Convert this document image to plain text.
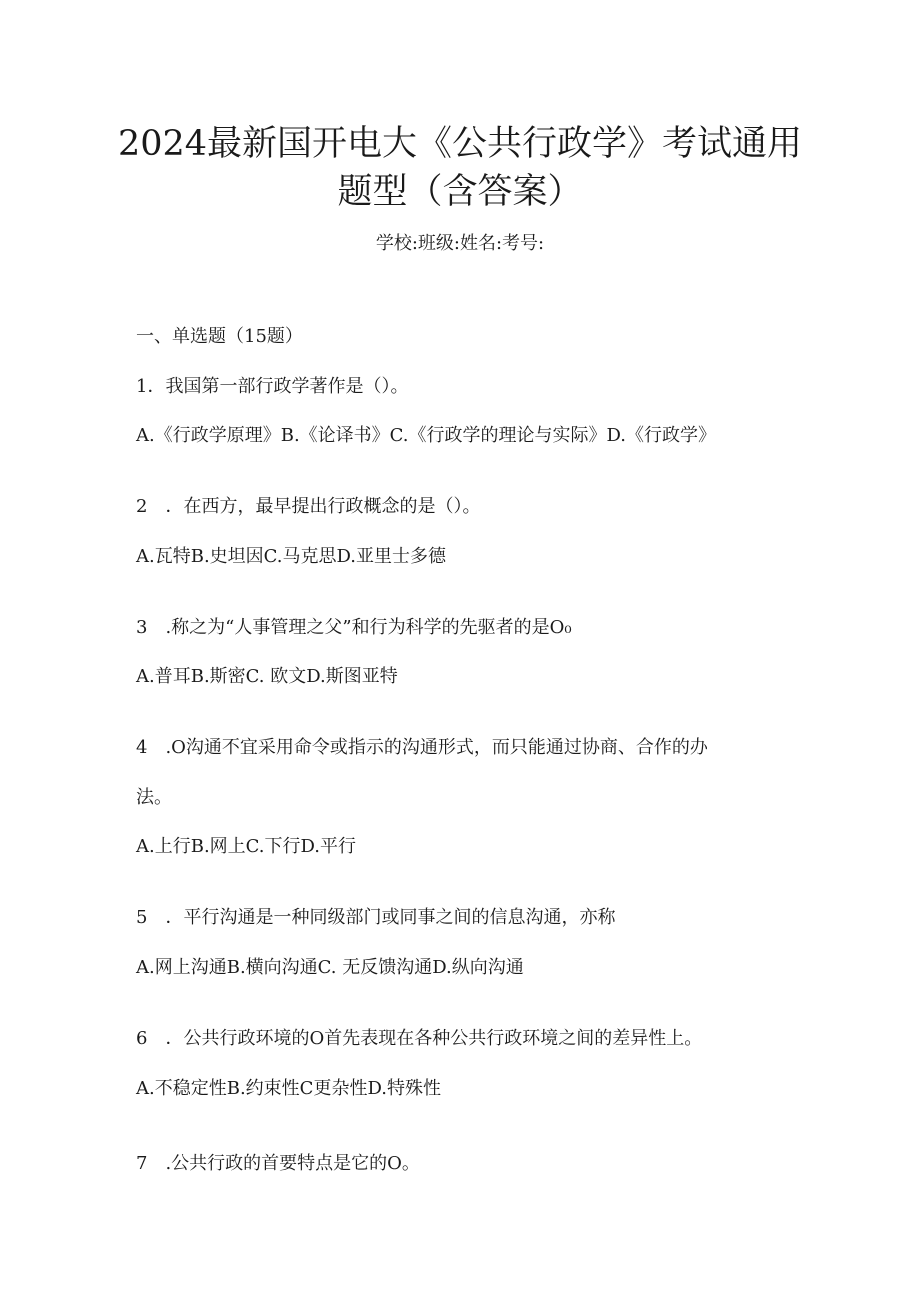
2024最新国开电大《公共行政学》考试通用
题型（含答案）
学校:班级:姓名:考号:
一、单选题（15题）
1．我国第一部行政学著作是（）。
A.《行政学原理》B.《论译书》C.《行政学的理论与实际》D.《行政学》
2　．在西方，最早提出行政概念的是（）。
A.瓦特B.史坦因C.马克思D.亚里士多德
3　.称之为“人事管理之父”和行为科学的先驱者的是O₀
A.普耳B.斯密C. 欧文D.斯图亚特
4　.O沟通不宜采用命令或指示的沟通形式，而只能通过协商、合作的办
法。
A.上行B.网上C.下行D.平行
5　．平行沟通是一种同级部门或同事之间的信息沟通，亦称
A.网上沟通B.横向沟通C. 无反馈沟通D.纵向沟通
6　．公共行政环境的O首先表现在各种公共行政环境之间的差异性上。
A.不稳定性B.约束性C更杂性D.特殊性
7　.公共行政的首要特点是它的O。
